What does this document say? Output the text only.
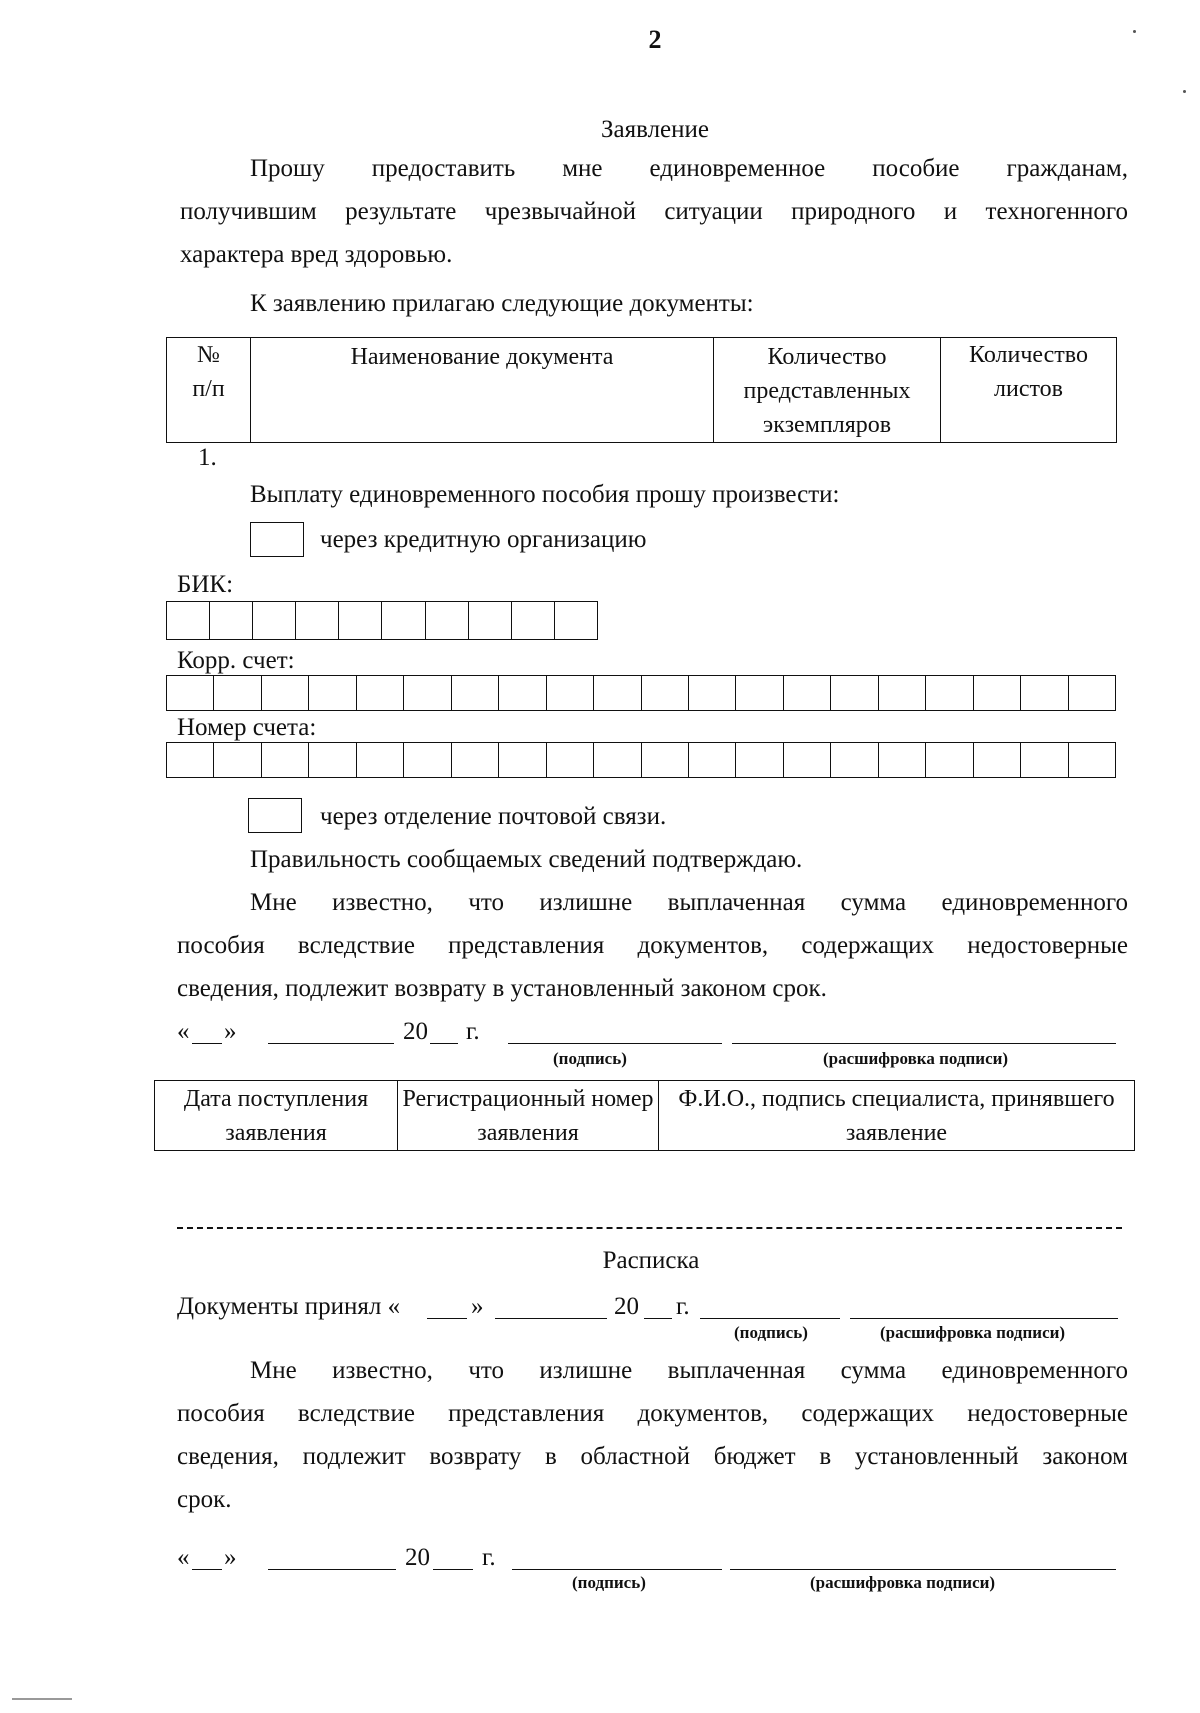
2
Заявление
Прошу предоставить мне единовременное пособие гражданам,
получившим результате чрезвычайной ситуации природного и техногенного
характера вред здоровью.
К заявлению прилагаю следующие документы:
№ п/п	Наименование документа	Количество представленных экземпляров	Количество листов
1.
Выплату единовременного пособия прошу произвести:
через кредитную организацию
БИК:
Корр. счет:
Номер счета:
через отделение почтовой связи.
Правильность сообщаемых сведений подтверждаю.
Мне известно, что излишне выплаченная сумма единовременного
пособия вследствие представления документов, содержащих недостоверные
сведения, подлежит возврату в установленный законом срок.
« »	20 г.
(подпись)	(расшифровка подписи)
Дата поступления заявления	Регистрационный номер заявления	Ф.И.О., подпись специалиста, принявшего заявление
Расписка
Документы принял «	»	20 г.
(подпись)	(расшифровка подписи)
Мне известно, что излишне выплаченная сумма единовременного
пособия вследствие представления документов, содержащих недостоверные
сведения, подлежит возврату в областной бюджет в установленный законом
срок.
« »	20 г.
(подпись)	(расшифровка подписи)
